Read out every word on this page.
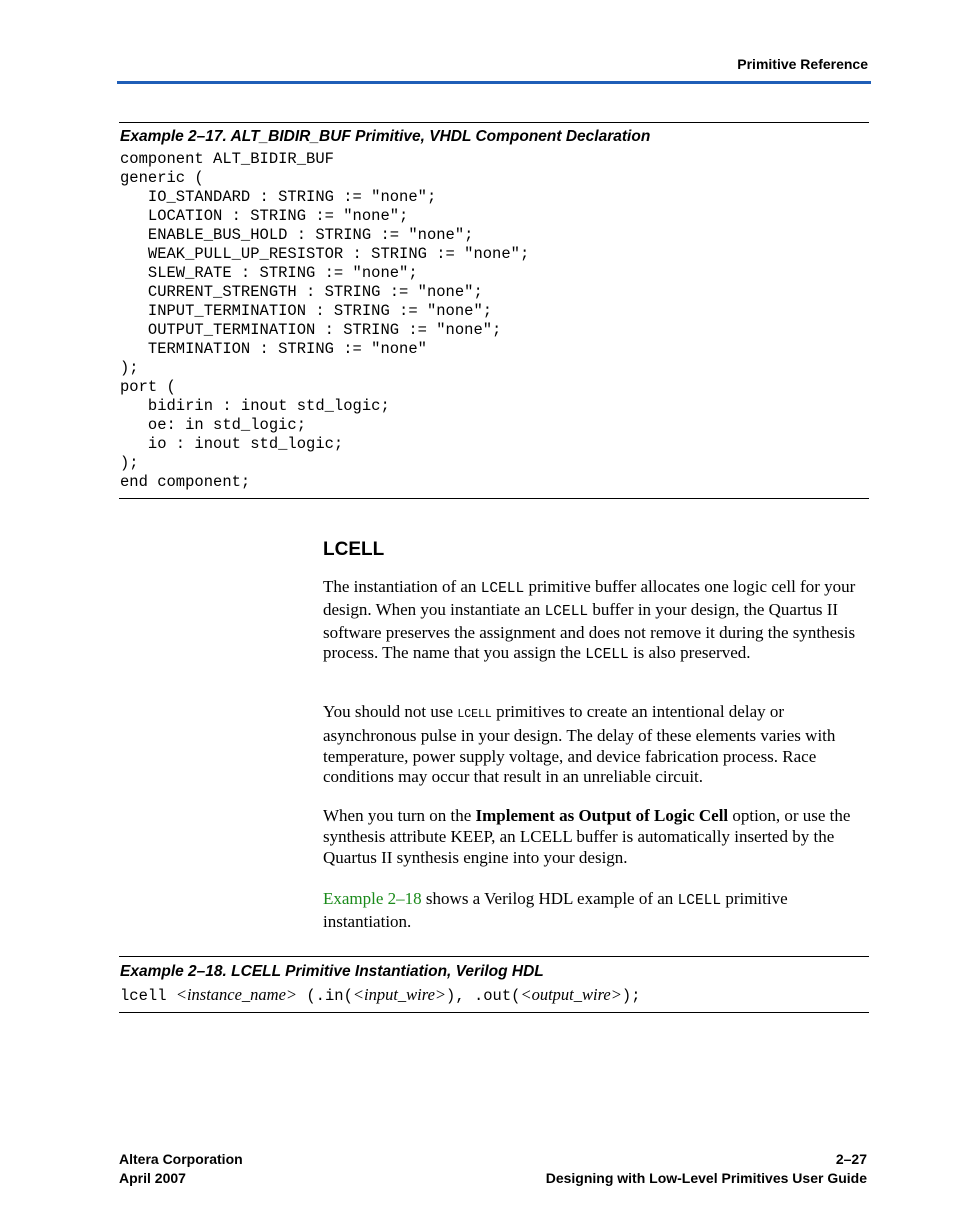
Primitive Reference
Example 2–17. ALT_BIDIR_BUF Primitive, VHDL Component Declaration
component ALT_BIDIR_BUF
generic (
IO_STANDARD : STRING := "none";
LOCATION : STRING := "none";
ENABLE_BUS_HOLD : STRING := "none";
WEAK_PULL_UP_RESISTOR : STRING := "none";
SLEW_RATE : STRING := "none";
CURRENT_STRENGTH : STRING := "none";
INPUT_TERMINATION : STRING := "none";
OUTPUT_TERMINATION : STRING := "none";
TERMINATION : STRING := "none"
);
port (
bidirin : inout std_logic;
oe: in std_logic;
io : inout std_logic;
);
end component;
LCELL

The instantiation of an LCELL primitive buffer allocates one logic cell for your design. When you instantiate an LCELL buffer in your design, the Quartus II software preserves the assignment and does not remove it during the synthesis process. The name that you assign the LCELL is also preserved.

You should not use LCELL primitives to create an intentional delay or asynchronous pulse in your design. The delay of these elements varies with temperature, power supply voltage, and device fabrication process. Race conditions may occur that result in an unreliable circuit.

When you turn on the Implement as Output of Logic Cell option, or use the synthesis attribute KEEP, an LCELL buffer is automatically inserted by the Quartus II synthesis engine into your design.

Example 2–18 shows a Verilog HDL example of an LCELL primitive instantiation.

Example 2–18. LCELL Primitive Instantiation, Verilog HDL
lcell <instance_name> (.in(<input_wire>), .out(<output_wire>);
Altera Corporation
April 2007
2–27
Designing with Low-Level Primitives User Guide
